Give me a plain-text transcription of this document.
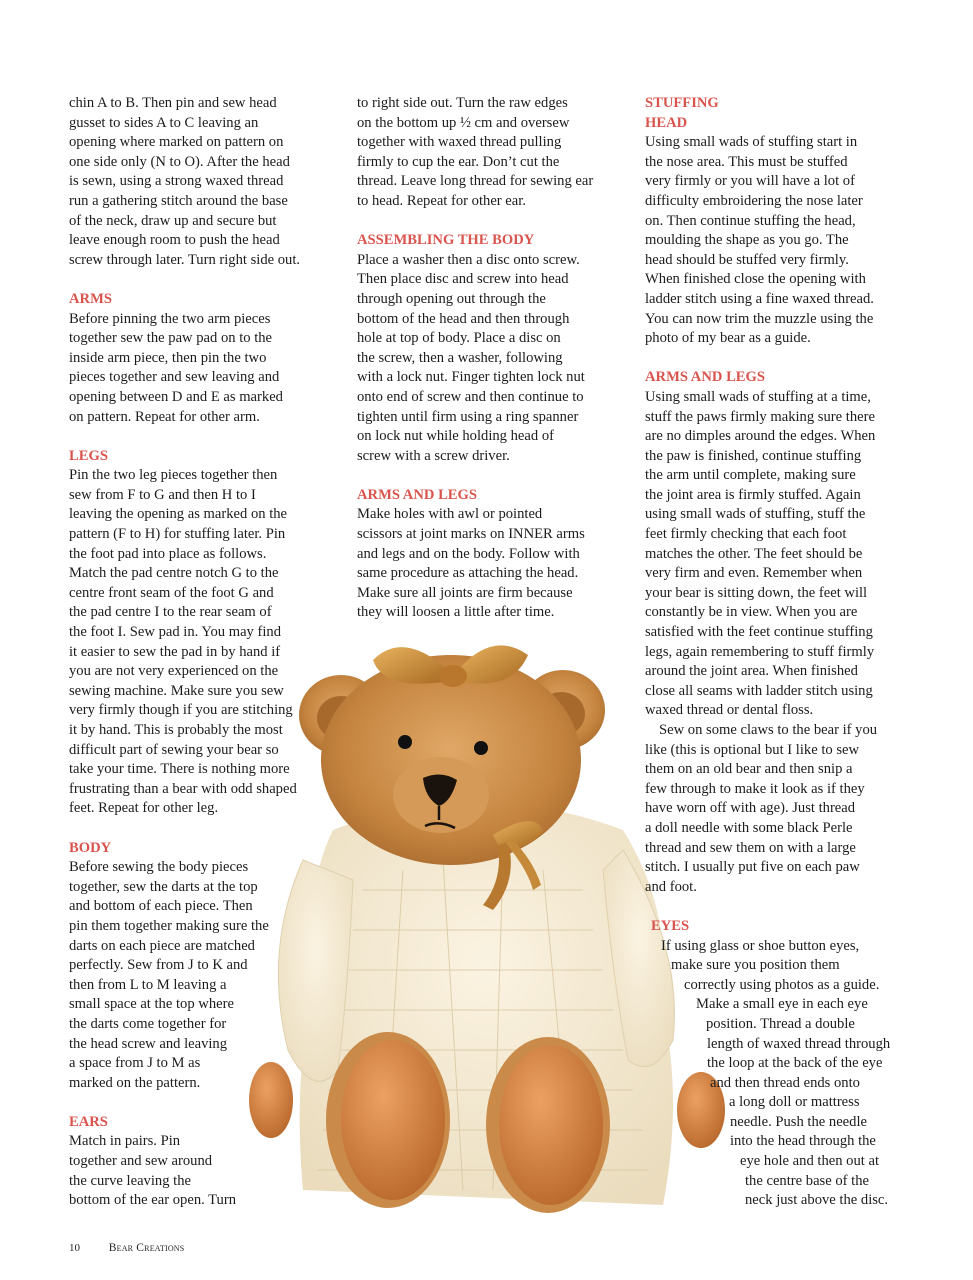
chin A to B. Then pin and sew head
gusset to sides A to C leaving an
opening where marked on pattern on
one side only (N to O). After the head
is sewn, using a strong waxed thread
run a gathering stitch around the base
of the neck, draw up and secure but
leave enough room to push the head
screw through later. Turn right side out.
ARMS
Before pinning the two arm pieces
together sew the paw pad on to the
inside arm piece, then pin the two
pieces together and sew leaving and
opening between D and E as marked
on pattern. Repeat for other arm.
LEGS
Pin the two leg pieces together then
sew from F to G and then H to I
leaving the opening as marked on the
pattern (F to H) for stuffing later. Pin
the foot pad into place as follows.
Match the pad centre notch G to the
centre front seam of the foot G and
the pad centre I to the rear seam of
the foot I. Sew pad in. You may find
it easier to sew the pad in by hand if
you are not very experienced on the
sewing machine. Make sure you sew
very firmly though if you are stitching
it by hand. This is probably the most
difficult part of sewing your bear so
take your time. There is nothing more
frustrating than a bear with odd shaped
feet. Repeat for other leg.
BODY
Before sewing the body pieces
together, sew the darts at the top
and bottom of each piece. Then
pin them together making sure the
darts on each piece are matched
perfectly. Sew from J to K and
then from L to M leaving a
small space at the top where
the darts come together for
the head screw and leaving
a space from J to M as
marked on the pattern.
EARS
Match in pairs. Pin
together and sew around
the curve leaving the
bottom of the ear open. Turn
to right side out. Turn the raw edges
on the bottom up ½ cm and oversew
together with waxed thread pulling
firmly to cup the ear. Don’t cut the
thread. Leave long thread for sewing ear
to head. Repeat for other ear.
ASSEMBLING THE BODY
Place a washer then a disc onto screw.
Then place disc and screw into head
through opening out through the
bottom of the head and then through
hole at top of body. Place a disc on
the screw, then a washer, following
with a lock nut. Finger tighten lock nut
onto end of screw and then continue to
tighten until firm using a ring spanner
on lock nut while holding head of
screw with a screw driver.
ARMS AND LEGS
Make holes with awl or pointed
scissors at joint marks on INNER arms
and legs and on the body. Follow with
same procedure as attaching the head.
Make sure all joints are firm because
they will loosen a little after time.
STUFFING
HEAD
Using small wads of stuffing start in
the nose area. This must be stuffed
very firmly or you will have a lot of
difficulty embroidering the nose later
on. Then continue stuffing the head,
moulding the shape as you go. The
head should be stuffed very firmly.
When finished close the opening with
ladder stitch using a fine waxed thread.
You can now trim the muzzle using the
photo of my bear as a guide.
ARMS AND LEGS
Using small wads of stuffing at a time,
stuff the paws firmly making sure there
are no dimples around the edges. When
the paw is finished, continue stuffing
the arm until complete, making sure
the joint area is firmly stuffed. Again
using small wads of stuffing, stuff the
feet firmly checking that each foot
matches the other. The feet should be
very firm and even. Remember when
your bear is sitting down, the feet will
constantly be in view. When you are
satisfied with the feet continue stuffing
legs, again remembering to stuff firmly
around the joint area. When finished
close all seams with ladder stitch using
waxed thread or dental floss.
Sew on some claws to the bear if you
like (this is optional but I like to sew
them on an old bear and then snip a
few through to make it look as if they
have worn off with age). Just thread
a doll needle with some black Perle
thread and sew them on with a large
stitch. I usually put five on each paw
and foot.
EYES
If using glass or shoe button eyes,
make sure you position them
correctly using photos as a guide.
Make a small eye in each eye
position. Thread a double
length of waxed thread through
the loop at the back of the eye
and then thread ends onto
a long doll or mattress
needle. Push the needle
into the head through the
eye hole and then out at
the centre base of the
neck just above the disc.
10	Bear Creations
